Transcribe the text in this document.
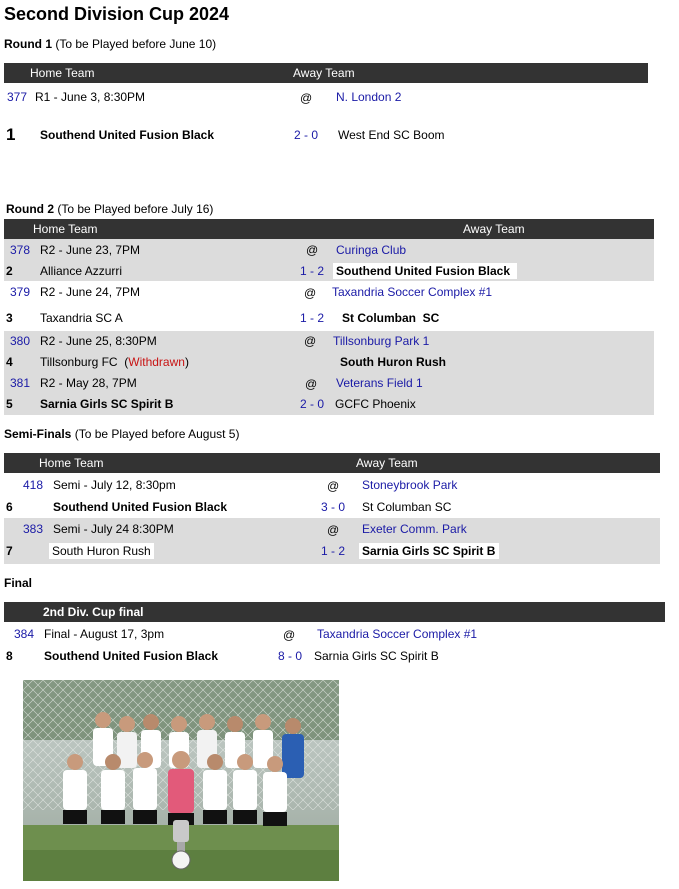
Second Division Cup 2024
Round 1 (To be Played before June 10)
Home Team	Away Team
377 R1 - June 3, 8:30PM	@ N. London 2
1 Southend United Fusion Black	2 - 0 West End SC Boom
Round 2 (To be Played before July 16)
Home Team	Away Team
378 R2 - June 23, 7PM	@ Curinga Club
2 Alliance Azzurri	1 - 2 Southend United Fusion Black
379 R2 - June 24, 7PM	@ Taxandria Soccer Complex #1
3 Taxandria SC A	1 - 2 St Columban  SC
380 R2 - June 25, 8:30PM	@ Tillsonburg Park 1
4 Tillsonburg FC  (Withdrawn)	South Huron Rush
381 R2 - May 28, 7PM	@ Veterans Field 1
5 Sarnia Girls SC Spirit B	2 - 0 GCFC Phoenix
Semi-Finals (To be Played before August 5)
Home Team	Away Team
418 Semi - July 12, 8:30pm	@ Stoneybrook Park
6	Southend United Fusion Black	3 - 0 St Columban SC
383 Semi - July 24 8:30PM	@ Exeter Comm. Park
7	South Huron Rush	1 - 2 Sarnia Girls SC Spirit B
Final
2nd Div. Cup final
384 Final - August 17, 3pm	@ Taxandria Soccer Complex #1
8	Southend United Fusion Black	8 - 0 Sarnia Girls SC Spirit B
